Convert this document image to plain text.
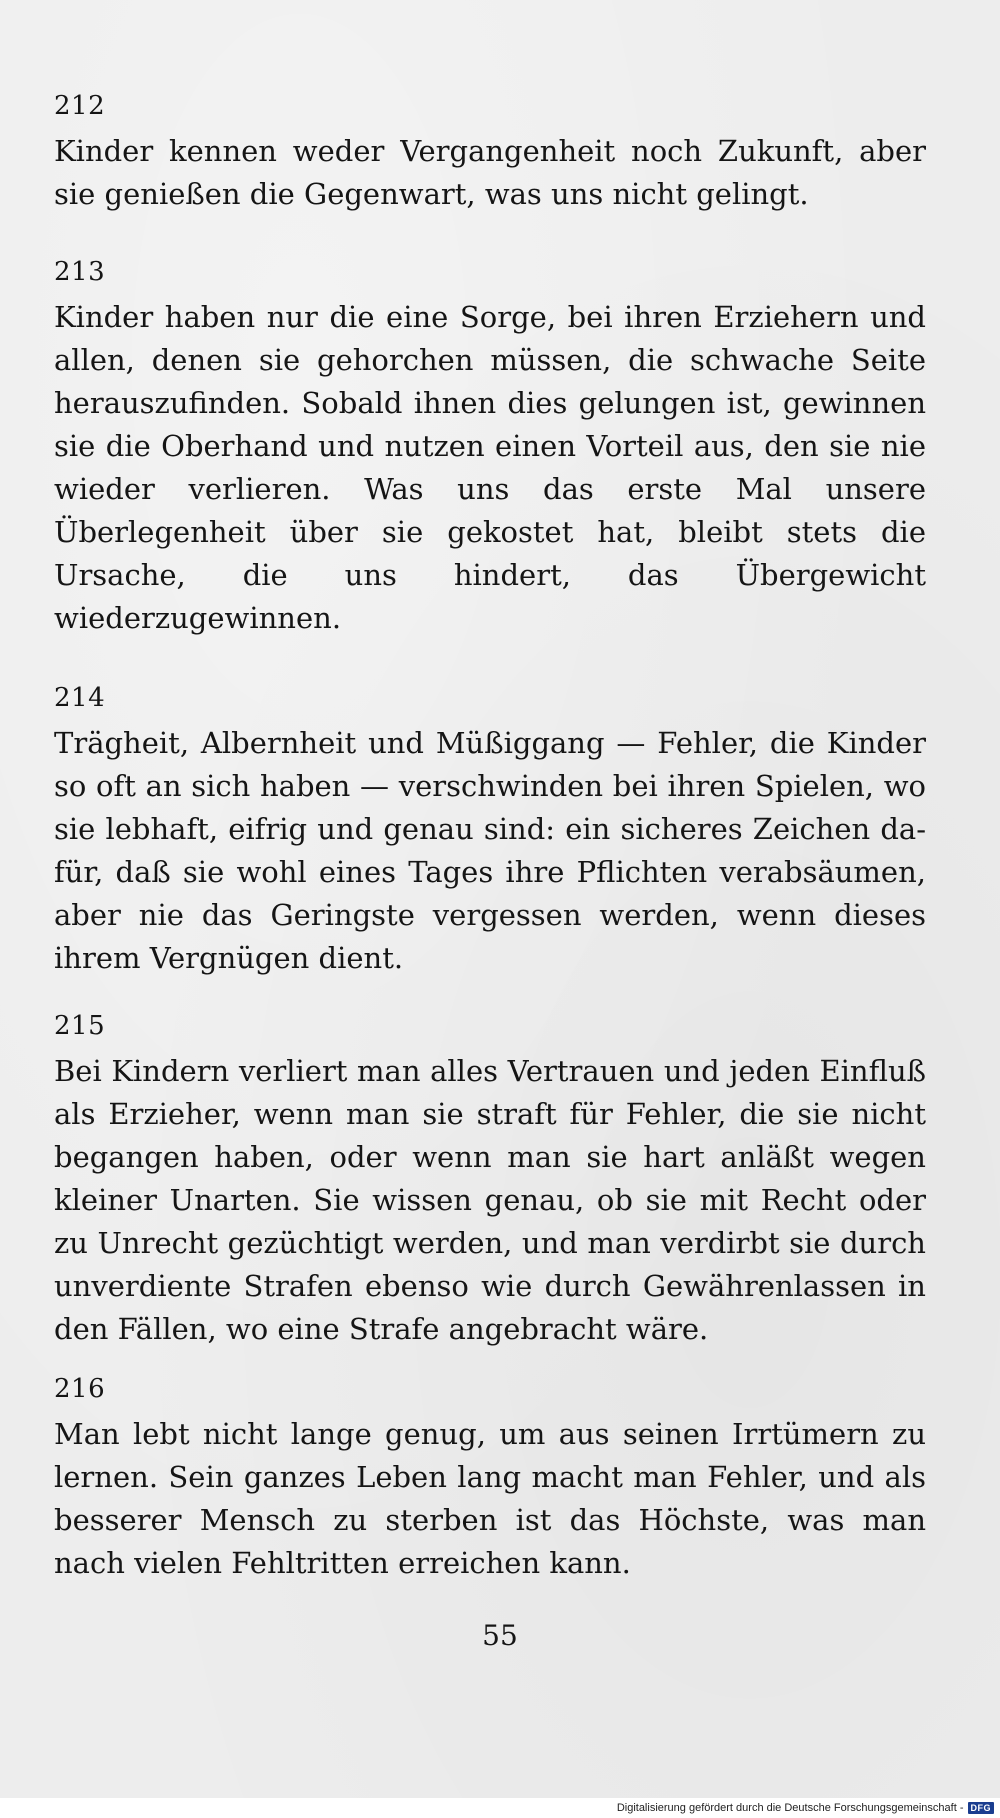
212

Kinder kennen weder Vergangenheit noch Zukunft, aber sie genießen die Gegenwart, was uns nicht gelingt.

213

Kinder haben nur die eine Sorge, bei ihren Erziehern und allen, denen sie gehorchen müssen, die schwache Seite herauszufinden. Sobald ihnen dies gelungen ist, gewinnen sie die Oberhand und nutzen einen Vorteil aus, den sie nie wieder verlieren. Was uns das erste Mal unsere Überlegenheit über sie gekostet hat, bleibt stets die Ursache, die uns hindert, das Übergewicht wiederzugewinnen.

214

Trägheit, Albernheit und Müßiggang — Fehler, die Kinder so oft an sich haben — verschwinden bei ihren Spielen, wo sie lebhaft, eifrig und genau sind: ein sicheres Zeichen dafür, daß sie wohl eines Tages ihre Pflichten verabsäumen, aber nie das Geringste vergessen werden, wenn dieses ihrem Vergnügen dient.

215

Bei Kindern verliert man alles Vertrauen und jeden Einfluß als Erzieher, wenn man sie straft für Fehler, die sie nicht begangen haben, oder wenn man sie hart anläßt wegen kleiner Unarten. Sie wissen genau, ob sie mit Recht oder zu Unrecht gezüchtigt werden, und man verdirbt sie durch unverdiente Strafen ebenso wie durch Gewährenlassen in den Fällen, wo eine Strafe angebracht wäre.

216

Man lebt nicht lange genug, um aus seinen Irrtümern zu lernen. Sein ganzes Leben lang macht man Fehler, und als besserer Mensch zu sterben ist das Höchste, was man nach vielen Fehltritten erreichen kann.

55
Digitalisierung gefördert durch die Deutsche Forschungsgemeinschaft - DFG
